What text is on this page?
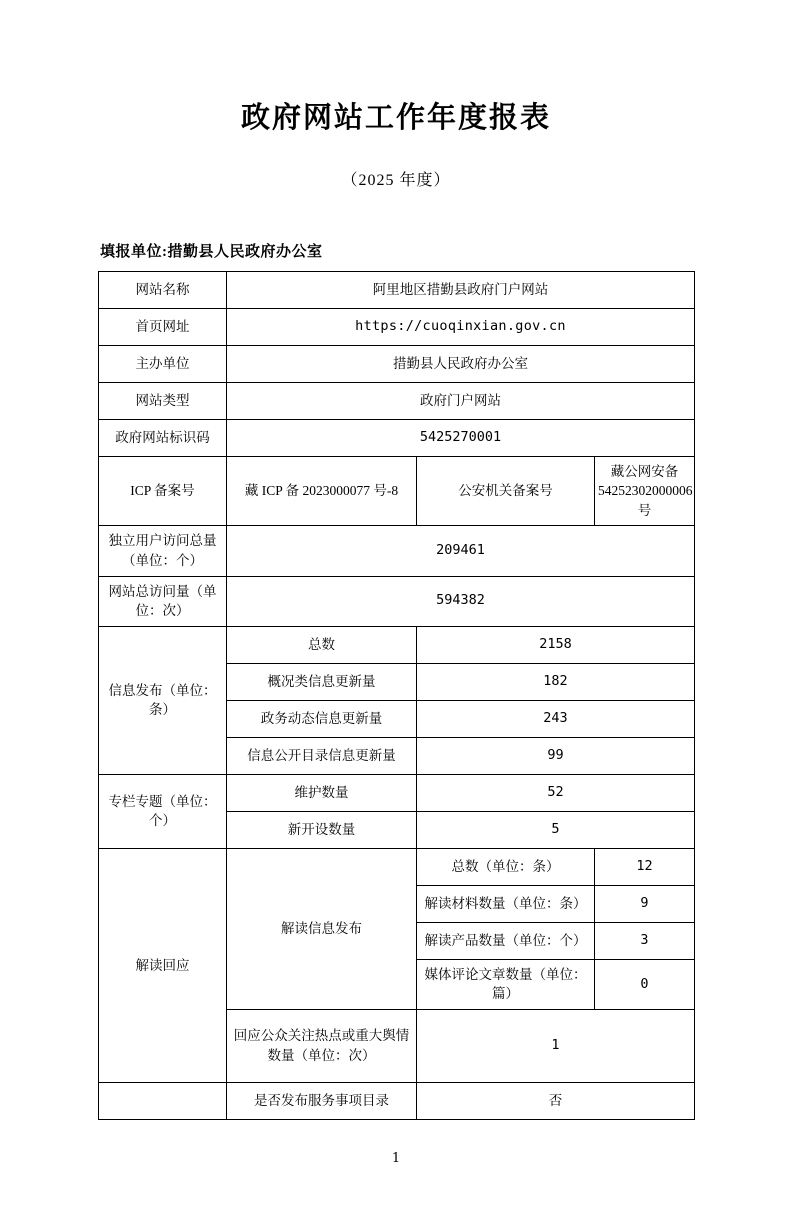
政府网站工作年度报表
（2025 年度）
填报单位:措勤县人民政府办公室
网站名称	阿里地区措勤县政府门户网站		
首页网址	https://cuoqinxian.gov.cn		
主办单位	措勤县人民政府办公室		
网站类型	政府门户网站		
政府网站标识码	5425270001		
ICP 备案号	藏 ICP 备 2023000077 号-8	公安机关备案号	藏公网安备 54252302000006 号
独立用户访问总量（单位：个）	209461		
网站总访问量（单位：次）	594382		
信息发布（单位：条）	总数	2158	
	概况类信息更新量	182	
	政务动态信息更新量	243	
	信息公开目录信息更新量	99	
专栏专题（单位：个）	维护数量	52	
	新开设数量	5	
解读回应	解读信息发布	总数（单位：条）	12
		解读材料数量（单位：条）	9
		解读产品数量（单位：个）	3
		媒体评论文章数量（单位：篇）	0
	回应公众关注热点或重大舆情数量（单位：次）	1	
	是否发布服务事项目录	否	
1
